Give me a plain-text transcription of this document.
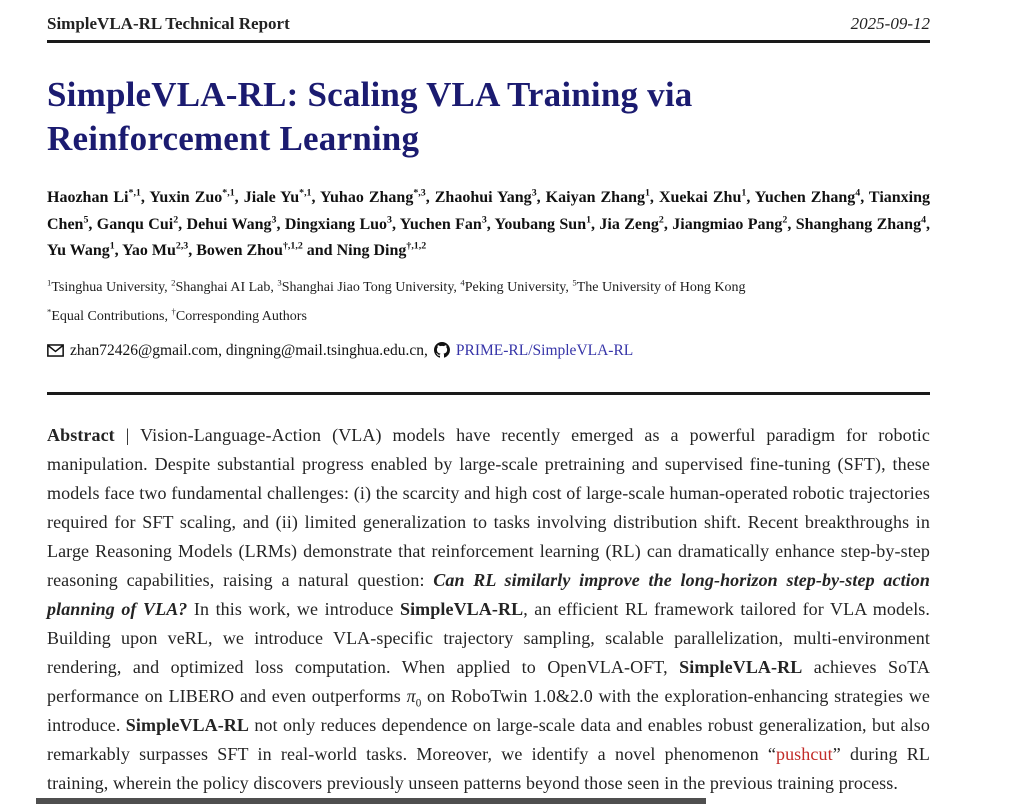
SimpleVLA-RL Technical Report	2025-09-12
SimpleVLA-RL: Scaling VLA Training via
Reinforcement Learning

Haozhan $Li^{*,1}$, Yuxin Zuo$^{*,1}$, Jiale $Yu^{*,1}$, Yuhao Zhang$^{*,3}$, Zhaohui Yang$^3$, Kaiyan Zhang$^1$, Xuekai Zhu$^1$, Yuchen Zhang$^4$, Tianxing Chen$^5$, Ganqu Cui$^2$, Dehui Wang$^3$, Dingxiang Luo$^3$, Yuchen Fan$^3$, Youbang Sun$^1$, Jia Zeng$^2$, Jiangmiao Pang$^2$, Shanghang Zhang$^4$, Yu Wang$^1$, Yao Mu$^{2,3}$, Bowen Zhou$^{\dagger,1,2}$ and Ning Ding$^{\dagger,1,2}$

$^1$Tsinghua University, $^2$Shanghai AI Lab, $^3$Shanghai Jiao Tong University, $^4$Peking University, $^5$The University of Hong Kong

*Equal Contributions, †Corresponding Authors

zhan72426@gmail.com, dingning@mail.tsinghua.edu.cn, PRIME-RL/SimpleVLA-RL

Abstract | Vision-Language-Action (VLA) models have recently emerged as a powerful paradigm for robotic manipulation. Despite substantial progress enabled by large-scale pretraining and supervised fine-tuning (SFT), these models face two fundamental challenges: (i) the scarcity and high cost of large-scale human-operated robotic trajectories required for SFT scaling, and (ii) limited generalization to tasks involving distribution shift. Recent breakthroughs in Large Reasoning Models (LRMs) demonstrate that reinforcement learning (RL) can dramatically enhance step-by-step reasoning capabilities, raising a natural question: Can RL similarly improve the long-horizon step-by-step action planning of VLA? In this work, we introduce SimpleVLA-RL, an efficient RL framework tailored for VLA models. Building upon veRL, we introduce VLA-specific trajectory sampling, scalable parallelization, multi-environment rendering, and optimized loss computation. When applied to OpenVLA-OFT, SimpleVLA-RL achieves SoTA performance on LIBERO and even outperforms $\pi_0$ on RoboTwin 1.0&2.0 with the exploration-enhancing strategies we introduce. SimpleVLA-RL not only reduces dependence on large-scale data and enables robust generalization, but also remarkably surpasses SFT in real-world tasks. Moreover, we identify a novel phenomenon “pushcut” during RL training, wherein the policy discovers previously unseen patterns beyond those seen in the previous training process.
